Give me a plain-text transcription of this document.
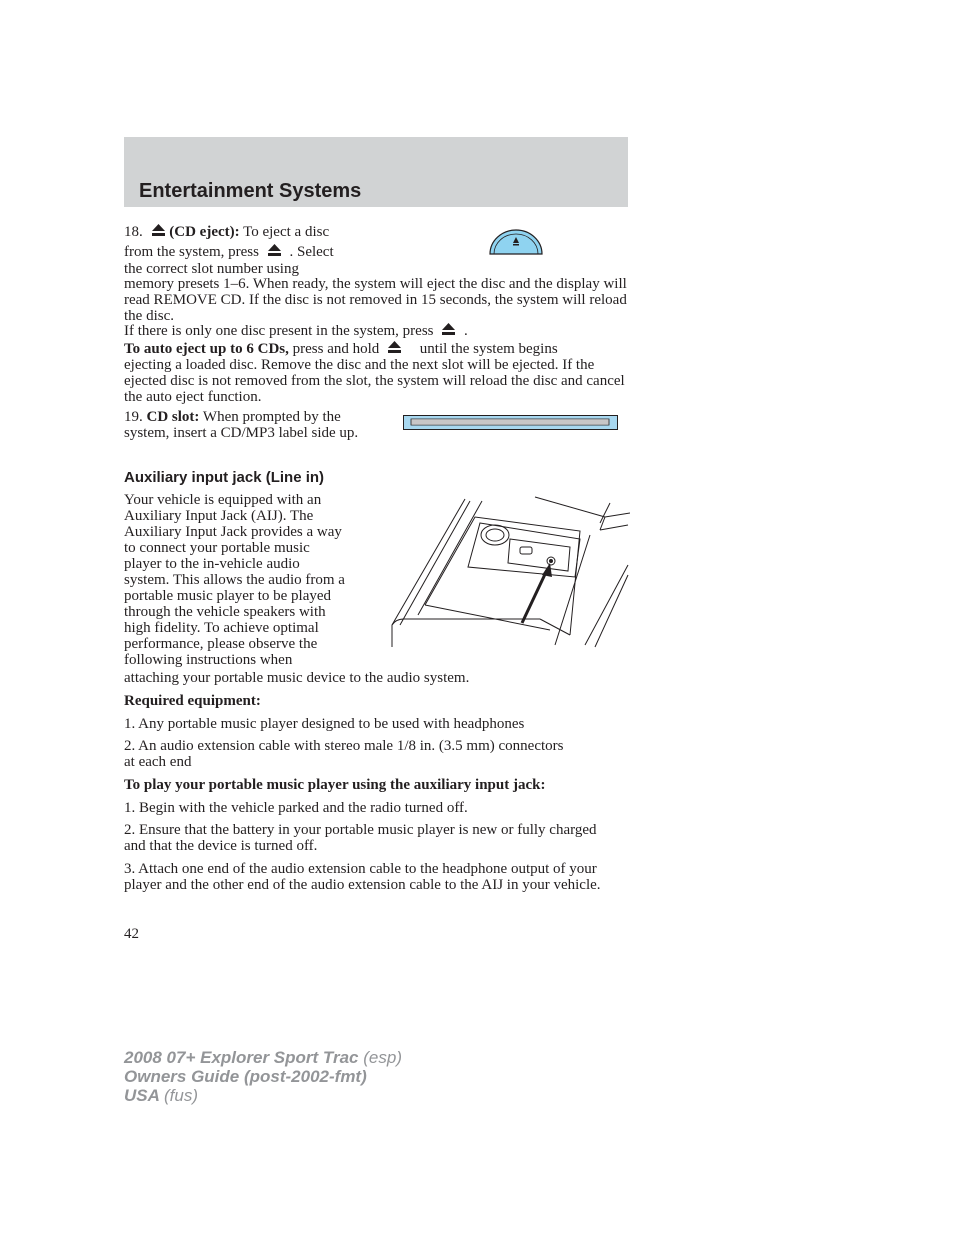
Entertainment Systems
18. (CD eject): To eject a disc
from the system, press . Select
the correct slot number using
memory presets 1–6. When ready, the system will eject the disc and the display will read REMOVE CD. If the disc is not removed in 15 seconds, the system will reload the disc.
If there is only one disc present in the system, press .
To auto eject up to 6 CDs, press and hold	until the system begins
ejecting a loaded disc. Remove the disc and the next slot will be ejected. If the ejected disc is not removed from the slot, the system will reload the disc and cancel the auto eject function.
19. CD slot: When prompted by the
system, insert a CD/MP3 label side up.
Auxiliary input jack (Line in)
Your vehicle is equipped with an
Auxiliary Input Jack (AIJ). The
Auxiliary Input Jack provides a way
to connect your portable music
player to the in-vehicle audio
system. This allows the audio from a
portable music player to be played
through the vehicle speakers with
high fidelity. To achieve optimal
performance, please observe the
following instructions when
attaching your portable music device to the audio system.
Required equipment:
1. Any portable music player designed to be used with headphones
2. An audio extension cable with stereo male 1/8 in. (3.5 mm) connectors at each end
To play your portable music player using the auxiliary input jack:
1. Begin with the vehicle parked and the radio turned off.
2. Ensure that the battery in your portable music player is new or fully charged and that the device is turned off.
3. Attach one end of the audio extension cable to the headphone output of your player and the other end of the audio extension cable to the AIJ in your vehicle.
42
2008 07+ Explorer Sport Trac (esp)
Owners Guide (post-2002-fmt)
USA (fus)
